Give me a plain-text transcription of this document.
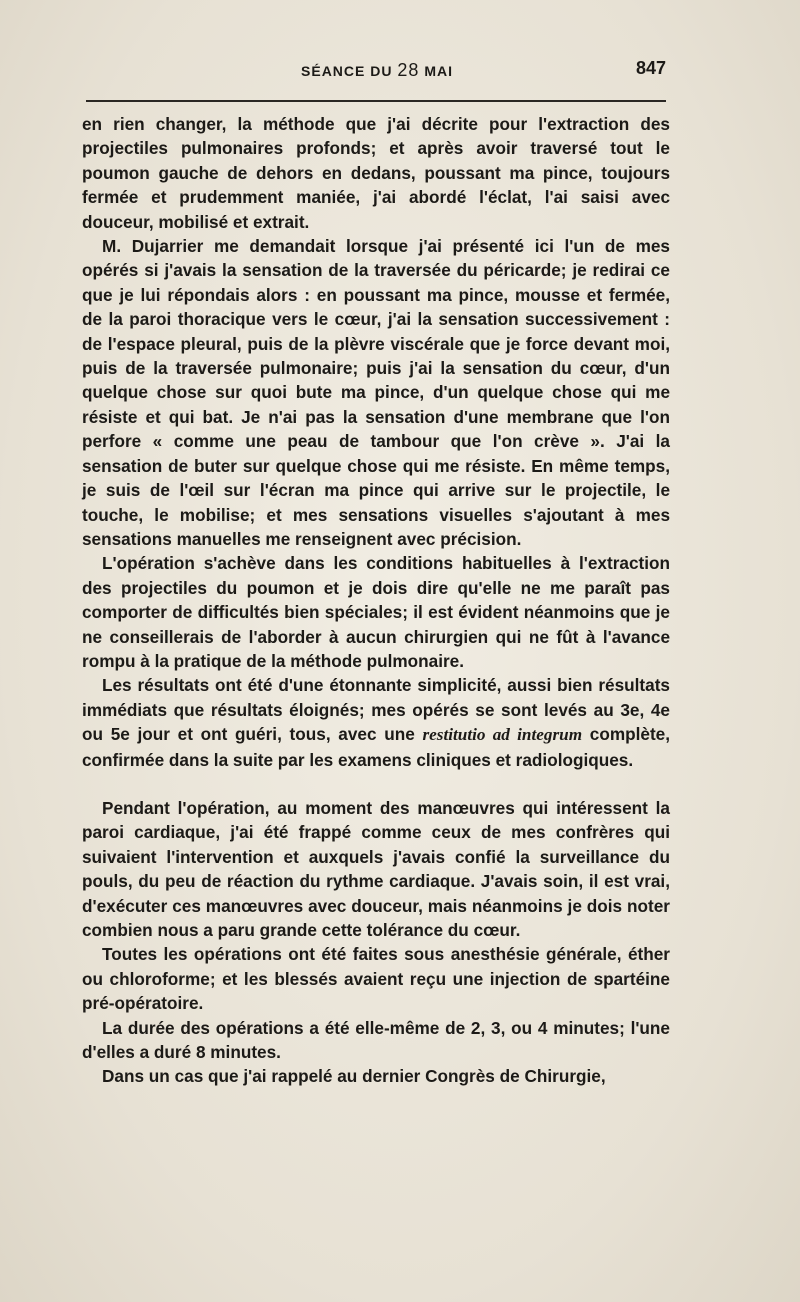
SÉANCE DU 28 MAI	847

en rien changer, la méthode que j'ai décrite pour l'extraction des projectiles pulmonaires profonds; et après avoir traversé tout le poumon gauche de dehors en dedans, poussant ma pince, toujours fermée et prudemment maniée, j'ai abordé l'éclat, l'ai saisi avec douceur, mobilisé et extrait.

M. Dujarrier me demandait lorsque j'ai présenté ici l'un de mes opérés si j'avais la sensation de la traversée du péricarde; je redirai ce que je lui répondais alors : en poussant ma pince, mousse et fermée, de la paroi thoracique vers le cœur, j'ai la sensation successivement : de l'espace pleural, puis de la plèvre viscérale que je force devant moi, puis de la traversée pulmonaire; puis j'ai la sensation du cœur, d'un quelque chose sur quoi bute ma pince, d'un quelque chose qui me résiste et qui bat. Je n'ai pas la sensation d'une membrane que l'on perfore « comme une peau de tambour que l'on crève ». J'ai la sensation de buter sur quelque chose qui me résiste. En même temps, je suis de l'œil sur l'écran ma pince qui arrive sur le projectile, le touche, le mobilise; et mes sensations visuelles s'ajoutant à mes sensations manuelles me renseignent avec précision.

L'opération s'achève dans les conditions habituelles à l'extraction des projectiles du poumon et je dois dire qu'elle ne me paraît pas comporter de difficultés bien spéciales; il est évident néanmoins que je ne conseillerais de l'aborder à aucun chirurgien qui ne fût à l'avance rompu à la pratique de la méthode pulmonaire.

Les résultats ont été d'une étonnante simplicité, aussi bien résultats immédiats que résultats éloignés; mes opérés se sont levés au 3e, 4e ou 5e jour et ont guéri, tous, avec une restitutio ad integrum complète, confirmée dans la suite par les examens cliniques et radiologiques.

Pendant l'opération, au moment des manœuvres qui intéressent la paroi cardiaque, j'ai été frappé comme ceux de mes confrères qui suivaient l'intervention et auxquels j'avais confié la surveillance du pouls, du peu de réaction du rythme cardiaque. J'avais soin, il est vrai, d'exécuter ces manœuvres avec douceur, mais néanmoins je dois noter combien nous a paru grande cette tolérance du cœur.

Toutes les opérations ont été faites sous anesthésie générale, éther ou chloroforme; et les blessés avaient reçu une injection de spartéine pré-opératoire.

La durée des opérations a été elle-même de 2, 3, ou 4 minutes; l'une d'elles a duré 8 minutes.

Dans un cas que j'ai rappelé au dernier Congrès de Chirurgie,
